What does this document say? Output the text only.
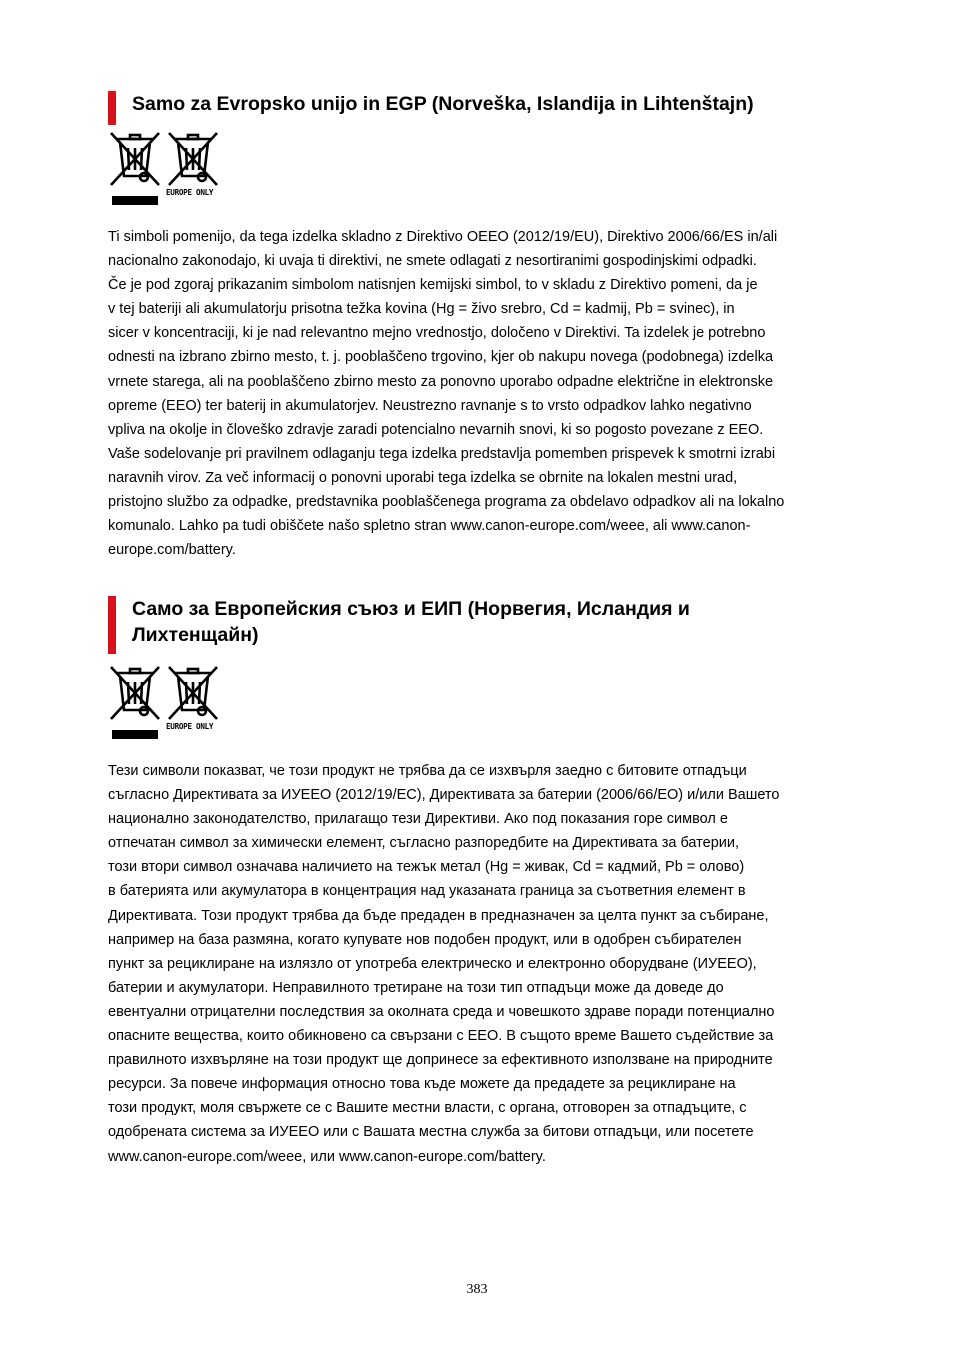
Samo za Evropsko unijo in EGP (Norveška, Islandija in Lihtenštajn)
EUROPE ONLY
Ti simboli pomenijo, da tega izdelka skladno z Direktivo OEEO (2012/19/EU), Direktivo 2006/66/ES in/ali
nacionalno zakonodajo, ki uvaja ti direktivi, ne smete odlagati z nesortiranimi gospodinjskimi odpadki.
Če je pod zgoraj prikazanim simbolom natisnjen kemijski simbol, to v skladu z Direktivo pomeni, da je
v tej bateriji ali akumulatorju prisotna težka kovina (Hg = živo srebro, Cd = kadmij, Pb = svinec), in
sicer v koncentraciji, ki je nad relevantno mejno vrednostjo, določeno v Direktivi. Ta izdelek je potrebno
odnesti na izbrano zbirno mesto, t. j. pooblaščeno trgovino, kjer ob nakupu novega (podobnega) izdelka
vrnete starega, ali na pooblaščeno zbirno mesto za ponovno uporabo odpadne električne in elektronske
opreme (EEO) ter baterij in akumulatorjev. Neustrezno ravnanje s to vrsto odpadkov lahko negativno
vpliva na okolje in človeško zdravje zaradi potencialno nevarnih snovi, ki so pogosto povezane z EEO.
Vaše sodelovanje pri pravilnem odlaganju tega izdelka predstavlja pomemben prispevek k smotrni izrabi
naravnih virov. Za več informacij o ponovni uporabi tega izdelka se obrnite na lokalen mestni urad,
pristojno službo za odpadke, predstavnika pooblaščenega programa za obdelavo odpadkov ali na lokalno
komunalo. Lahko pa tudi obiščete našo spletno stran www.canon-europe.com/weee, ali www.canon-
europe.com/battery.
Само за Европейския съюз и ЕИП (Норвегия, Исландия и Лихтенщайн)
EUROPE ONLY
Тези символи показват, че този продукт не трябва да се изхвърля заедно с битовите отпадъци
съгласно Директивата за ИУЕЕО (2012/19/ЕС), Директивата за батерии (2006/66/ЕО) и/или Вашето
национално законодателство, прилагащо тези Директиви. Ако под показания горе символ е
отпечатан символ за химически елемент, съгласно разпоредбите на Директивата за батерии,
този втори символ означава наличието на тежък метал (Hg = живак, Cd = кадмий, Pb = олово)
в батерията или акумулатора в концентрация над указаната граница за съответния елемент в
Директивата. Този продукт трябва да бъде предаден в предназначен за целта пункт за събиране,
например на база размяна, когато купувате нов подобен продукт, или в одобрен събирателен
пункт за рециклиране на излязло от употреба електрическо и електронно оборудване (ИУЕЕО),
батерии и акумулатори. Неправилното третиране на този тип отпадъци може да доведе до
евентуални отрицателни последствия за околната среда и човешкото здраве поради потенциално
опасните вещества, които обикновено са свързани с ЕЕО. В същото време Вашето съдействие за
правилното изхвърляне на този продукт ще допринесе за ефективното използване на природните
ресурси. За повече информация относно това къде можете да предадете за рециклиране на
този продукт, моля свържете се с Вашите местни власти, с органа, отговорен за отпадъците, с
одобрената система за ИУЕЕО или с Вашата местна служба за битови отпадъци, или посетете
www.canon-europe.com/weee, или www.canon-europe.com/battery.
383
